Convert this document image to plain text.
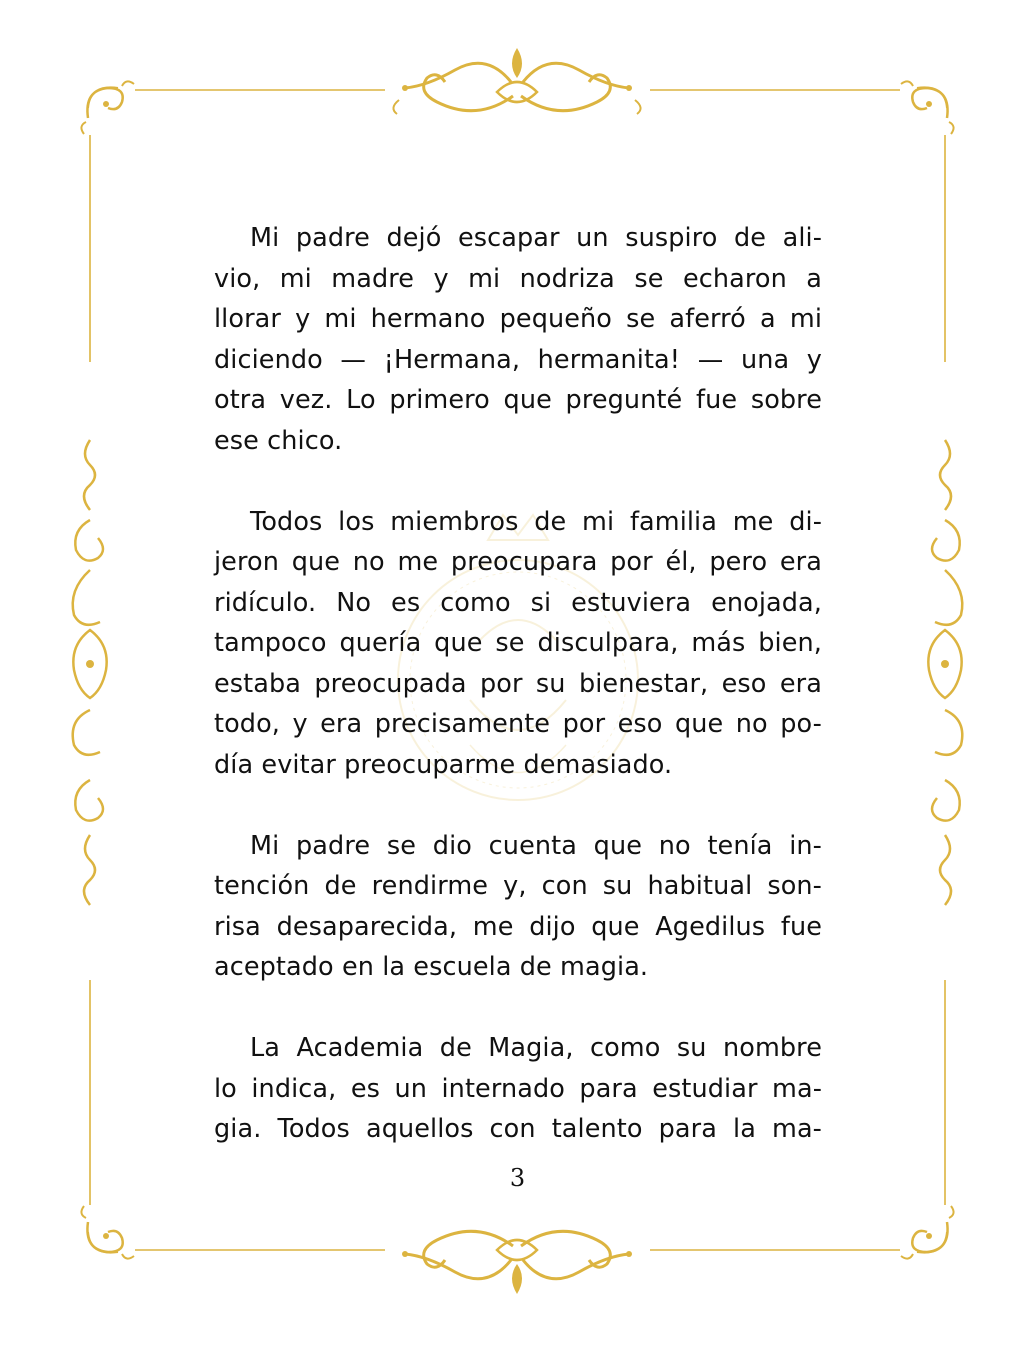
Mi padre dejó escapar un suspiro de ali-
vio, mi madre y mi nodriza se echaron a
llorar y mi hermano pequeño se aferró a mi
diciendo — ¡Hermana, hermanita! — una y
otra vez. Lo primero que pregunté fue sobre
ese chico.

Todos los miembros de mi familia me di-
jeron que no me preocupara por él, pero era
ridículo. No es como si estuviera enojada,
tampoco quería que se disculpara, más bien,
estaba preocupada por su bienestar, eso era
todo, y era precisamente por eso que no po-
día evitar preocuparme demasiado.

Mi padre se dio cuenta que no tenía in-
tención de rendirme y, con su habitual son-
risa desaparecida, me dijo que Agedilus fue
aceptado en la escuela de magia.

La Academia de Magia, como su nombre
lo indica, es un internado para estudiar ma-
gia. Todos aquellos con talento para la ma-

3
